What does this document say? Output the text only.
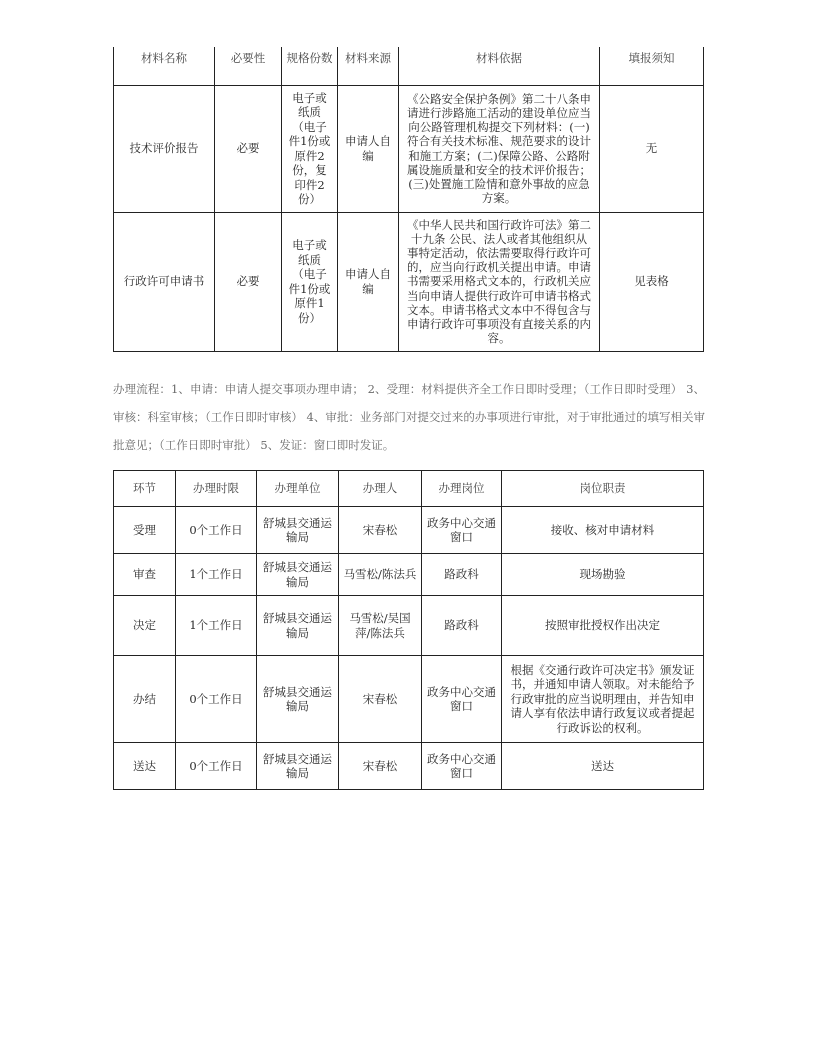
材料名称	必要性	规格份数	材料来源	材料依据	填报须知
技术评价报告	必要	电子或纸质（电子件1份或原件2份，复印件2份）	申请人自编	《公路安全保护条例》第二十八条申请进行涉路施工活动的建设单位应当向公路管理机构提交下列材料：(一)符合有关技术标准、规范要求的设计和施工方案；(二)保障公路、公路附属设施质量和安全的技术评价报告；(三)处置施工险情和意外事故的应急方案。	无
行政许可申请书	必要	电子或纸质（电子件1份或原件1份）	申请人自编	《中华人民共和国行政许可法》第二十九条 公民、法人或者其他组织从事特定活动，依法需要取得行政许可的，应当向行政机关提出申请。申请书需要采用格式文本的，行政机关应当向申请人提供行政许可申请书格式文本。申请书格式文本中不得包含与申请行政许可事项没有直接关系的内容。	见表格
办理流程：1、申请：申请人提交事项办理申请； 2、受理：材料提供齐全工作日即时受理；（工作日即时受理） 3、审核：科室审核；（工作日即时审核） 4、审批：业务部门对提交过来的办事项进行审批，对于审批通过的填写相关审批意见；（工作日即时审批） 5、发证：窗口即时发证。
环节	办理时限	办理单位	办理人	办理岗位	岗位职责
受理	0个工作日	舒城县交通运输局	宋春松	政务中心交通窗口	接收、核对申请材料
审查	1个工作日	舒城县交通运输局	马雪松/陈法兵	路政科	现场勘验
决定	1个工作日	舒城县交通运输局	马雪松/吴国萍/陈法兵	路政科	按照审批授权作出决定
办结	0个工作日	舒城县交通运输局	宋春松	政务中心交通窗口	根据《交通行政许可决定书》颁发证书，并通知申请人领取。对未能给予行政审批的应当说明理由，并告知申请人享有依法申请行政复议或者提起行政诉讼的权利。
送达	0个工作日	舒城县交通运输局	宋春松	政务中心交通窗口	送达
